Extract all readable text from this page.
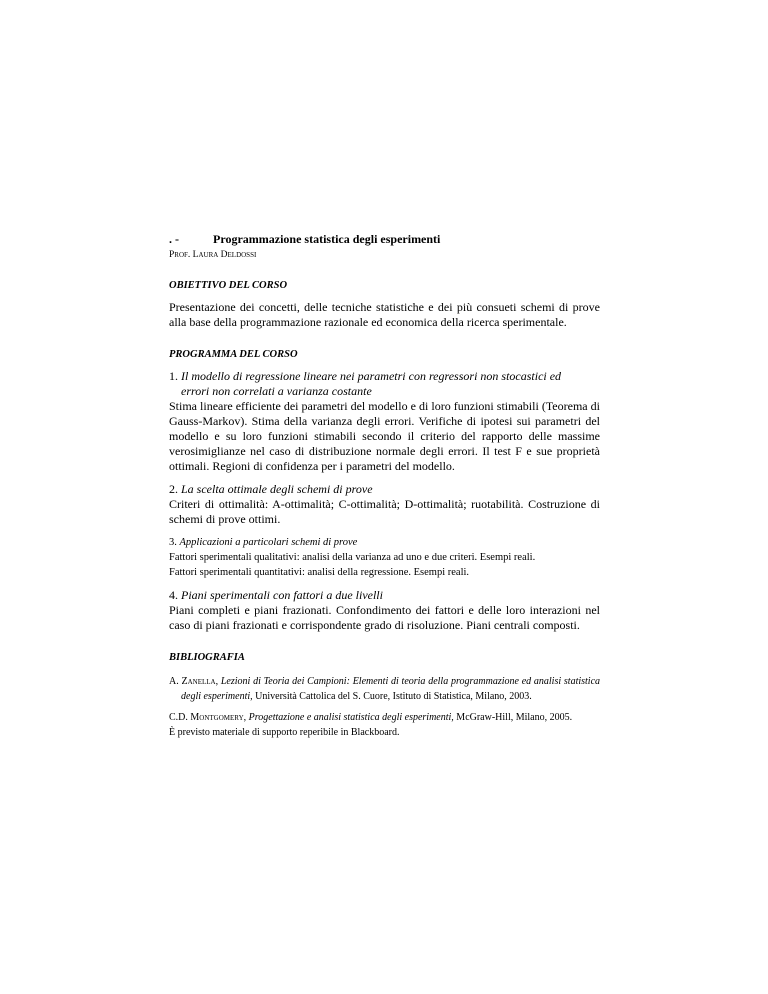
. -	Programmazione statistica degli esperimenti
Prof. Laura Deldossi
OBIETTIVO DEL CORSO

Presentazione dei concetti, delle tecniche statistiche e dei più consueti schemi di prove alla base della programmazione razionale ed economica della ricerca sperimentale.

PROGRAMMA DEL CORSO
1. Il modello di regressione lineare nei parametri con regressori non stocastici ed
errori non correlati a varianza costante

Stima lineare efficiente dei parametri del modello e di loro funzioni stimabili (Teorema di Gauss-Markov). Stima della varianza degli errori. Verifiche di ipotesi sui parametri del modello e su loro funzioni stimabili secondo il criterio del rapporto delle massime verosimiglianze nel caso di distribuzione normale degli errori. Il test F e sue proprietà ottimali. Regioni di confidenza per i parametri del modello.

2. La scelta ottimale degli schemi di prove

Criteri di ottimalità: A-ottimalità; C-ottimalità; D-ottimalità; ruotabilità. Costruzione di schemi di prove ottimi.

3. Applicazioni a particolari schemi di prove

Fattori sperimentali qualitativi: analisi della varianza ad uno e due criteri. Esempi reali.

Fattori sperimentali quantitativi: analisi della regressione. Esempi reali.

4. Piani sperimentali con fattori a due livelli

Piani completi e piani frazionati. Confondimento dei fattori e delle loro interazioni nel caso di piani frazionati e corrispondente grado di risoluzione. Piani centrali composti.

BIBLIOGRAFIA
A. Zanella, Lezioni di Teoria dei Campioni: Elementi di teoria della programmazione ed analisi statistica degli esperimenti, Università Cattolica del S. Cuore, Istituto di Statistica, Milano, 2003.
C.D. Montgomery, Progettazione e analisi statistica degli esperimenti, McGraw-Hill, Milano, 2005.

È previsto materiale di supporto reperibile in Blackboard.
